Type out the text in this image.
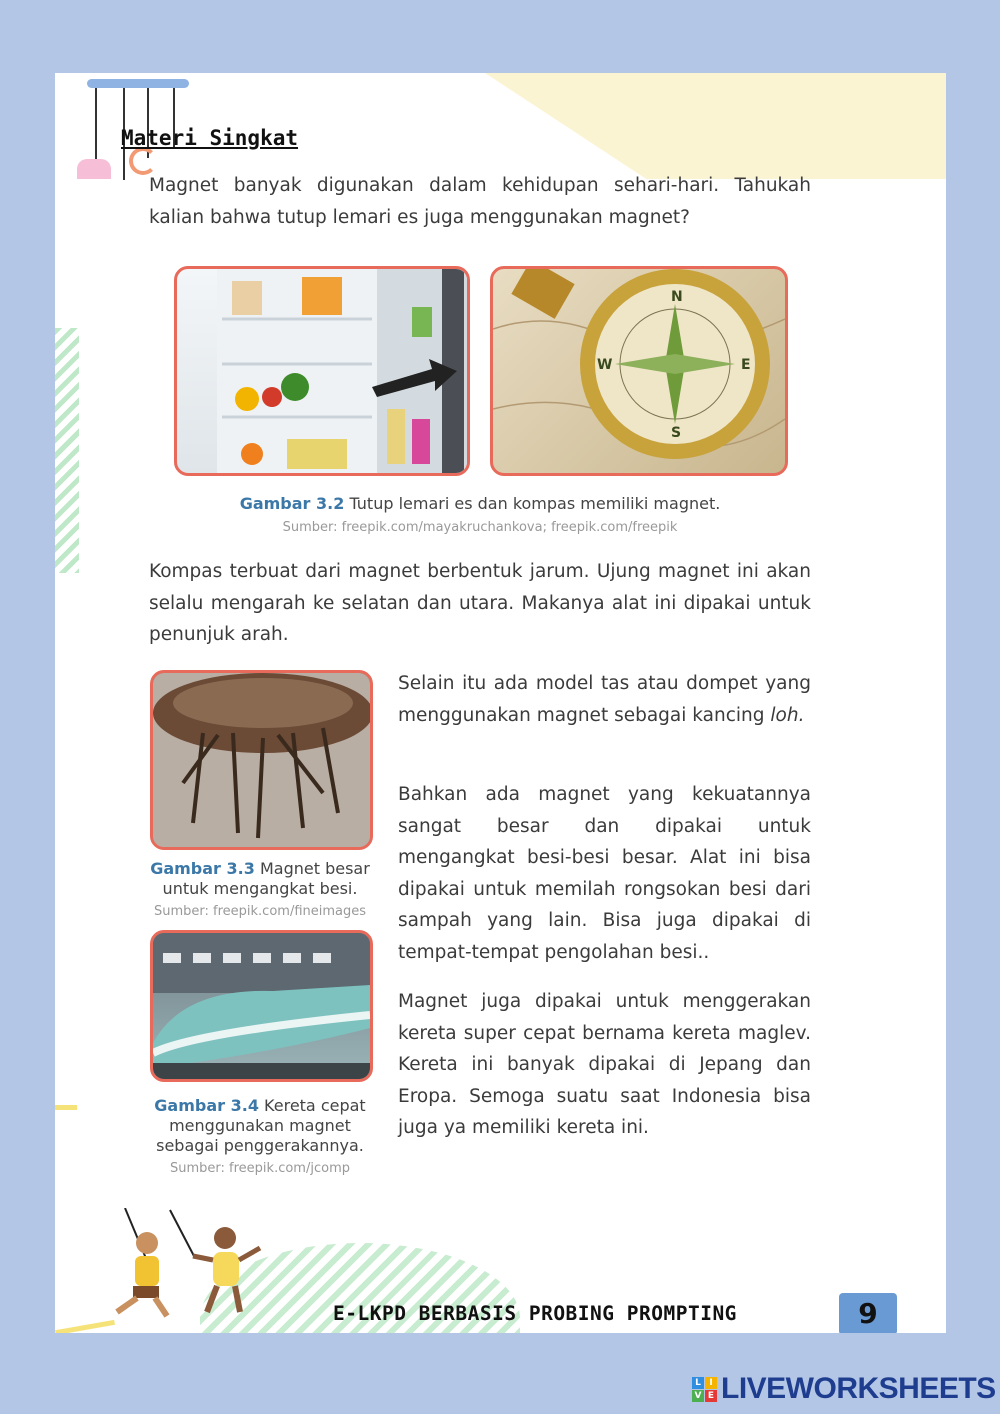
Materi Singkat

Magnet banyak digunakan dalam kehidupan sehari-hari. Tahukah kalian bahwa tutup lemari es juga menggunakan magnet?

N
E
S
W
Gambar 3.2 Tutup lemari es dan kompas memiliki magnet.
Sumber: freepik.com/mayakruchankova; freepik.com/freepik

Kompas terbuat dari magnet berbentuk jarum. Ujung magnet ini akan selalu mengarah ke selatan dan utara. Makanya alat ini dipakai untuk penunjuk arah.

Gambar 3.3 Magnet besar untuk mengangkat besi.
Sumber: freepik.com/fineimages
Gambar 3.4 Kereta cepat menggunakan magnet sebagai penggerakannya.
Sumber: freepik.com/jcomp

Selain itu ada model tas atau dompet yang menggunakan magnet sebagai kancing loh.

Bahkan ada magnet yang kekuatannya sangat besar dan dipakai untuk mengangkat besi-besi besar. Alat ini bisa dipakai untuk memilah rongsokan besi dari sampah yang lain. Bisa juga dipakai di tempat-tempat pengolahan besi..

Magnet juga dipakai untuk menggerakan kereta super cepat bernama kereta maglev. Kereta ini banyak dipakai di Jepang dan Eropa. Semoga suatu saat Indonesia bisa juga ya memiliki kereta ini.

E-LKPD BERBASIS PROBING PROMPTING	9
L I
V E LIVEWORKSHEETS
